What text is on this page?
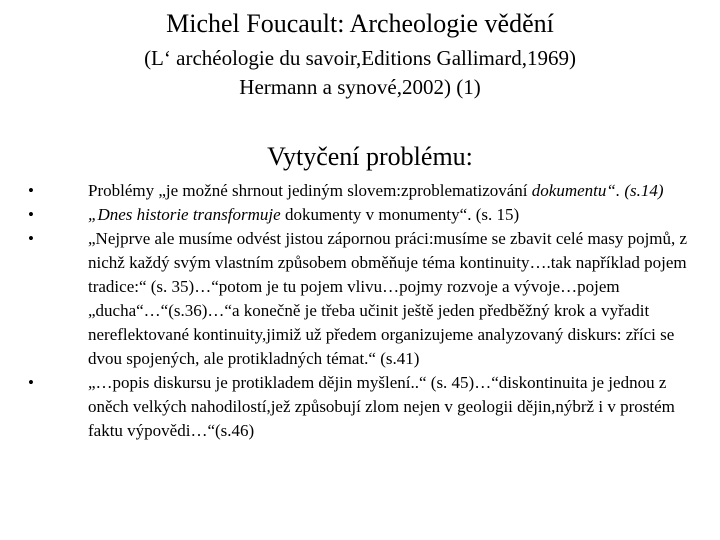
Michel Foucault: Archeologie vědění
(L‘ archéologie du savoir,Editions Gallimard,1969)
Hermann a synové,2002) (1)
Vytyčení problému:
•	Problémy „je možné shrnout jediným slovem:zproblematizování dokumentu“. (s.14)
•	„Dnes historie transformuje dokumenty v monumenty“. (s. 15)
•	„Nejprve ale musíme odvést jistou zápornou práci:musíme se zbavit celé masy pojmů, z nichž každý svým vlastním způsobem obměňuje téma kontinuity….tak například pojem tradice:“ (s. 35)…“potom je tu pojem vlivu…pojmy rozvoje a vývoje…pojem „ducha“…“(s.36)…“a konečně je třeba učinit ještě jeden předběžný krok a vyřadit nereflektované kontinuity,jimiž už předem organizujeme analyzovaný diskurs: zříci se dvou spojených, ale protikladných témat.“ (s.41)
•	„…popis diskursu je protikladem dějin myšlení..“ (s. 45)…“diskontinuita je jednou z oněch velkých nahodilostí,jež způsobují zlom nejen v geologii dějin,nýbrž i v prostém faktu výpovědi…“(s.46)
